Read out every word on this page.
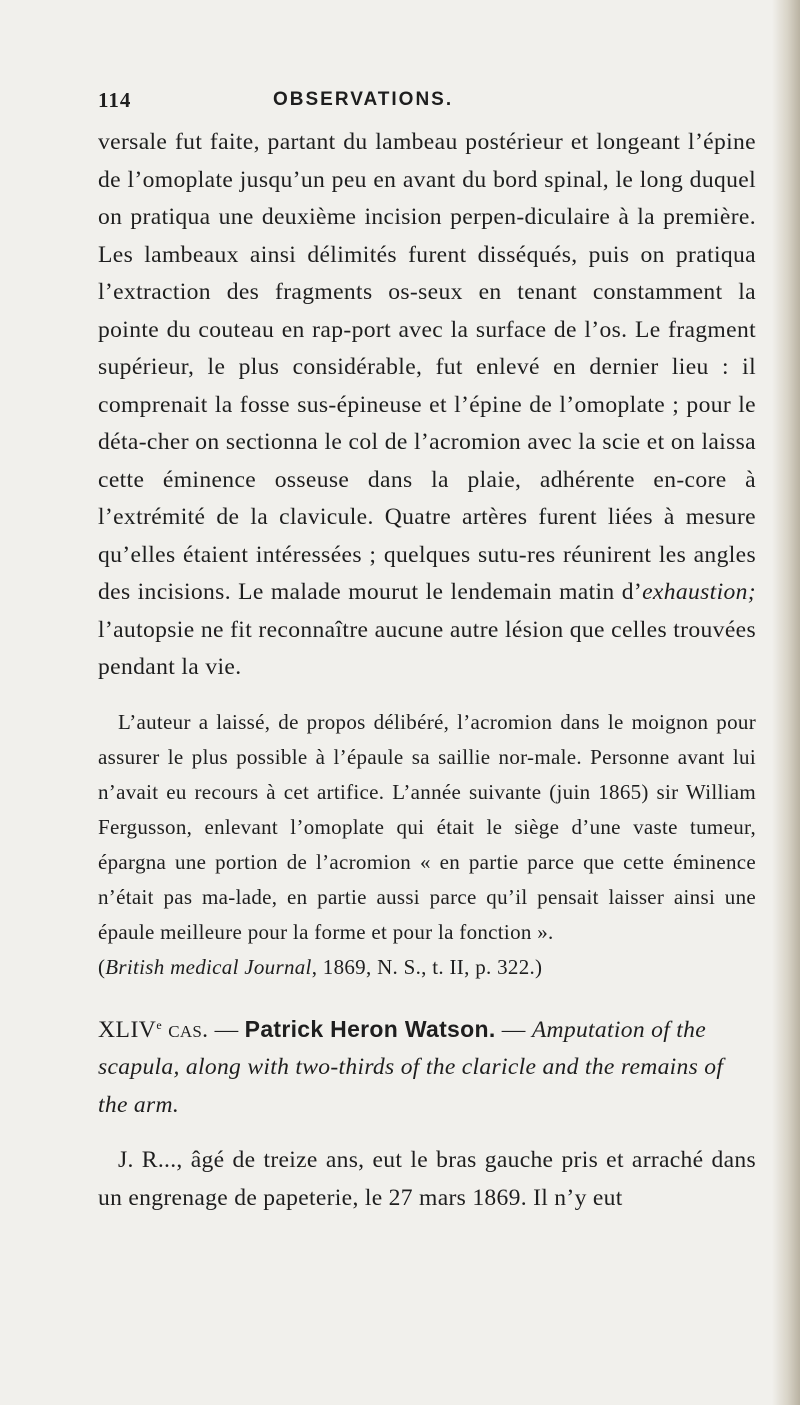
114	OBSERVATIONS.

versale fut faite, partant du lambeau postérieur et longeant l’épine de l’omoplate jusqu’un peu en avant du bord spinal, le long duquel on pratiqua une deuxième incision perpen-diculaire à la première. Les lambeaux ainsi délimités furent disséqués, puis on pratiqua l’extraction des fragments os-seux en tenant constamment la pointe du couteau en rap-port avec la surface de l’os. Le fragment supérieur, le plus considérable, fut enlevé en dernier lieu : il comprenait la fosse sus-épineuse et l’épine de l’omoplate ; pour le déta-cher on sectionna le col de l’acromion avec la scie et on laissa cette éminence osseuse dans la plaie, adhérente en-core à l’extrémité de la clavicule. Quatre artères furent liées à mesure qu’elles étaient intéressées ; quelques sutu-res réunirent les angles des incisions. Le malade mourut le lendemain matin d’exhaustion; l’autopsie ne fit reconnaître aucune autre lésion que celles trouvées pendant la vie.

L’auteur a laissé, de propos délibéré, l’acromion dans le moignon pour assurer le plus possible à l’épaule sa saillie nor-male. Personne avant lui n’avait eu recours à cet artifice. L’année suivante (juin 1865) sir William Fergusson, enlevant l’omoplate qui était le siège d’une vaste tumeur, épargna une portion de l’acromion « en partie parce que cette éminence n’était pas ma-lade, en partie aussi parce qu’il pensait laisser ainsi une épaule meilleure pour la forme et pour la fonction ».
(British medical Journal, 1869, N. S., t. II, p. 322.)

XLIVe cas. — Patrick Heron Watson. — Amputation of the scapula, along with two-thirds of the claricle and the remains of the arm.

J. R..., âgé de treize ans, eut le bras gauche pris et arraché dans un engrenage de papeterie, le 27 mars 1869. Il n’y eut
